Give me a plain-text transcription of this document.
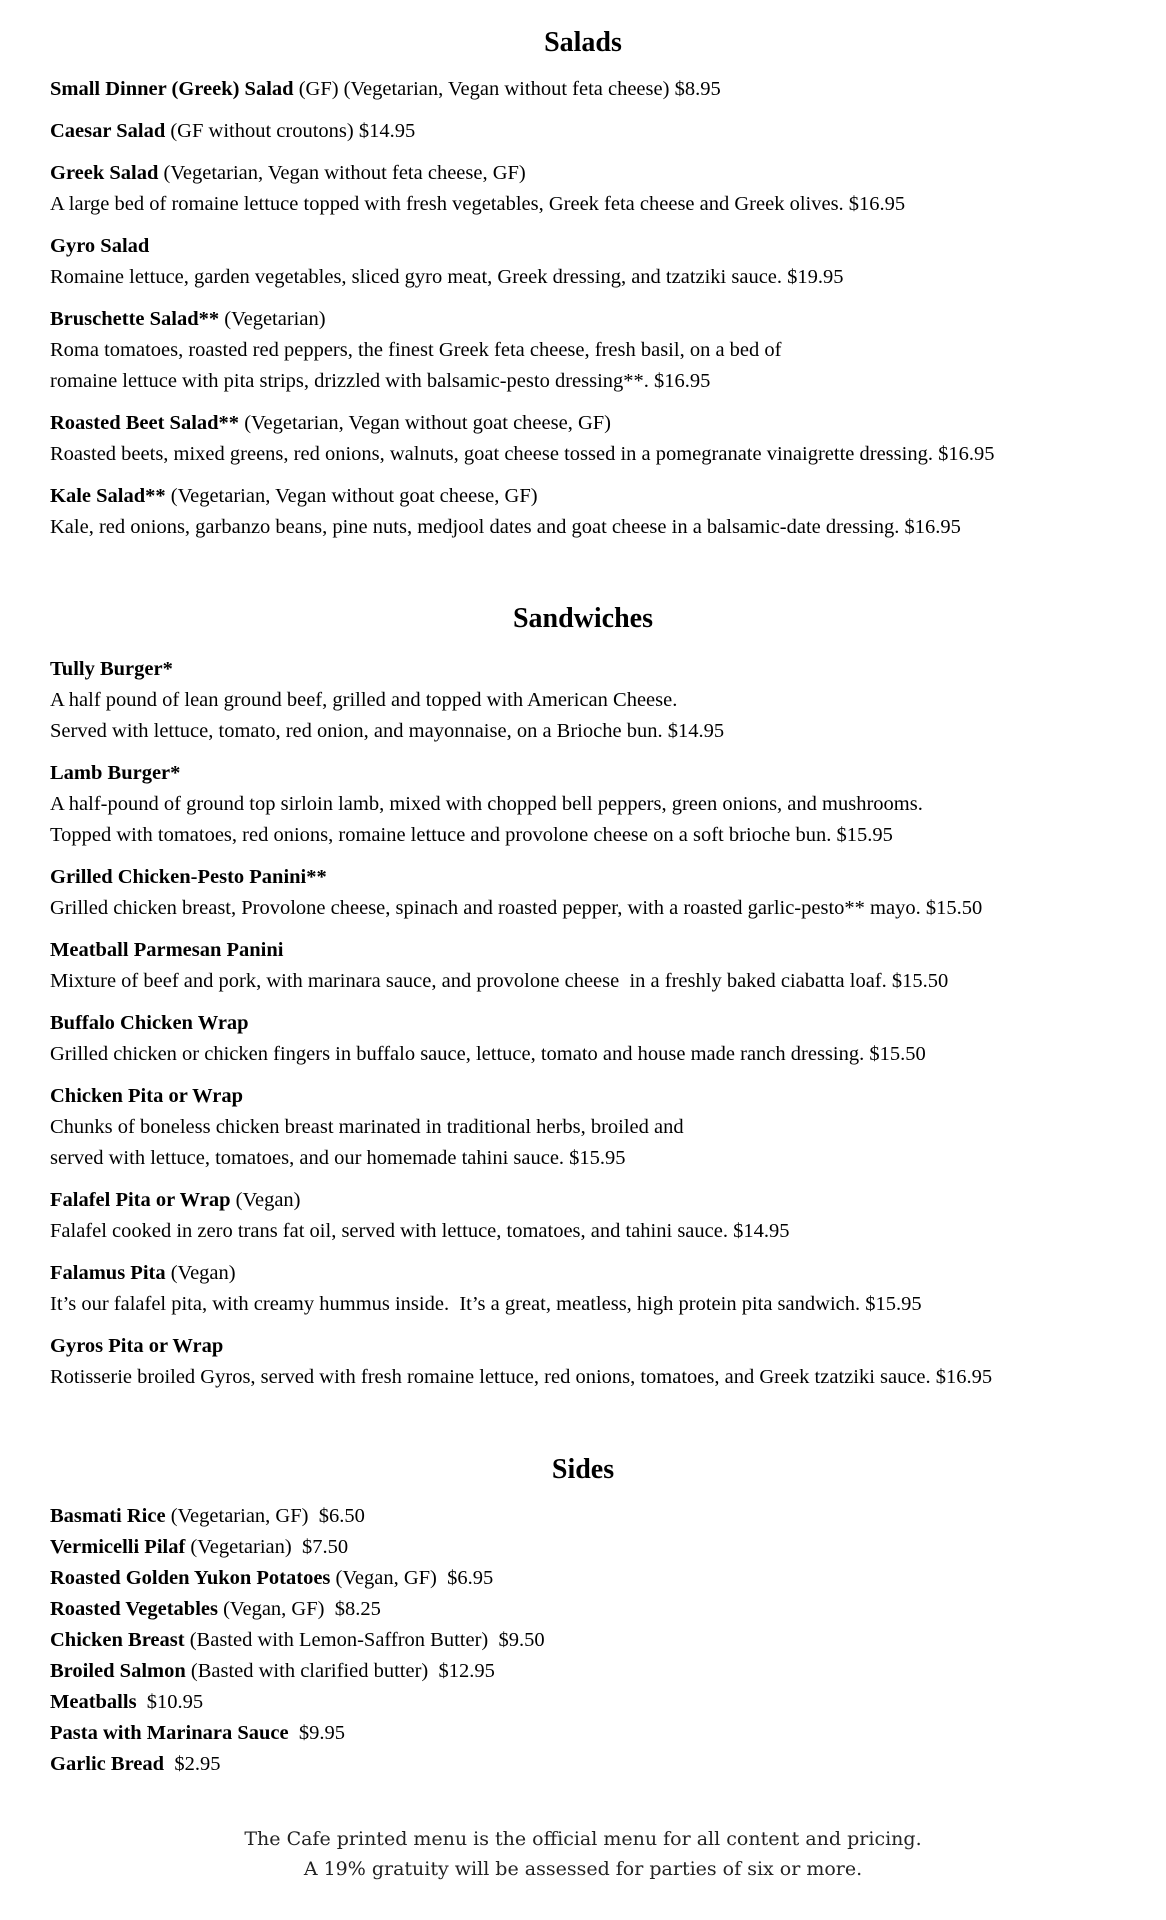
Salads
Small Dinner (Greek) Salad (GF) (Vegetarian, Vegan without feta cheese) $8.95
Caesar Salad (GF without croutons) $14.95
Greek Salad (Vegetarian, Vegan without feta cheese, GF)
A large bed of romaine lettuce topped with fresh vegetables, Greek feta cheese and Greek olives. $16.95
Gyro Salad
Romaine lettuce, garden vegetables, sliced gyro meat, Greek dressing, and tzatziki sauce. $19.95
Bruschette Salad** (Vegetarian)
Roma tomatoes, roasted red peppers, the finest Greek feta cheese, fresh basil, on a bed of
romaine lettuce with pita strips, drizzled with balsamic-pesto dressing**. $16.95
Roasted Beet Salad** (Vegetarian, Vegan without goat cheese, GF)
Roasted beets, mixed greens, red onions, walnuts, goat cheese tossed in a pomegranate vinaigrette dressing. $16.95
Kale Salad** (Vegetarian, Vegan without goat cheese, GF)
Kale, red onions, garbanzo beans, pine nuts, medjool dates and goat cheese in a balsamic-date dressing. $16.95
Sandwiches
Tully Burger*
A half pound of lean ground beef, grilled and topped with American Cheese.
Served with lettuce, tomato, red onion, and mayonnaise, on a Brioche bun. $14.95
Lamb Burger*
A half-pound of ground top sirloin lamb, mixed with chopped bell peppers, green onions, and mushrooms.
Topped with tomatoes, red onions, romaine lettuce and provolone cheese on a soft brioche bun. $15.95
Grilled Chicken-Pesto Panini**
Grilled chicken breast, Provolone cheese, spinach and roasted pepper, with a roasted garlic-pesto** mayo. $15.50
Meatball Parmesan Panini
Mixture of beef and pork, with marinara sauce, and provolone cheese  in a freshly baked ciabatta loaf. $15.50
Buffalo Chicken Wrap
Grilled chicken or chicken fingers in buffalo sauce, lettuce, tomato and house made ranch dressing. $15.50
Chicken Pita or Wrap
Chunks of boneless chicken breast marinated in traditional herbs, broiled and
served with lettuce, tomatoes, and our homemade tahini sauce. $15.95
Falafel Pita or Wrap (Vegan)
Falafel cooked in zero trans fat oil, served with lettuce, tomatoes, and tahini sauce. $14.95
Falamus Pita (Vegan)
It’s our falafel pita, with creamy hummus inside.  It’s a great, meatless, high protein pita sandwich. $15.95
Gyros Pita or Wrap
Rotisserie broiled Gyros, served with fresh romaine lettuce, red onions, tomatoes, and Greek tzatziki sauce. $16.95
Sides
Basmati Rice (Vegetarian, GF)  $6.50
Vermicelli Pilaf (Vegetarian)  $7.50
Roasted Golden Yukon Potatoes (Vegan, GF)  $6.95
Roasted Vegetables (Vegan, GF)  $8.25
Chicken Breast (Basted with Lemon-Saffron Butter)  $9.50
Broiled Salmon (Basted with clarified butter)  $12.95
Meatballs  $10.95
Pasta with Marinara Sauce  $9.95
Garlic Bread  $2.95
The Cafe printed menu is the official menu for all content and pricing.
A 19% gratuity will be assessed for parties of six or more.
